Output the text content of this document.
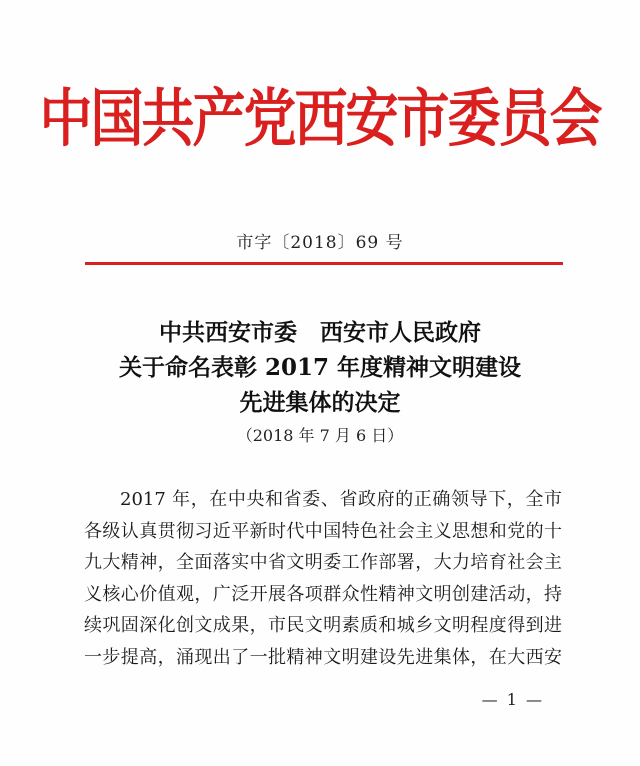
中国共产党西安市委员会
市字〔2018〕69 号
中共西安市委　西安市人民政府
关于命名表彰 2017 年度精神文明建设
先进集体的决定
（2018 年 7 月 6 日）
2017 年，在中央和省委、省政府的正确领导下，全市
各级认真贯彻习近平新时代中国特色社会主义思想和党的十
九大精神，全面落实中省文明委工作部署，大力培育社会主
义核心价值观，广泛开展各项群众性精神文明创建活动，持
续巩固深化创文成果，市民文明素质和城乡文明程度得到进
一步提高，涌现出了一批精神文明建设先进集体，在大西安
— 1 —
